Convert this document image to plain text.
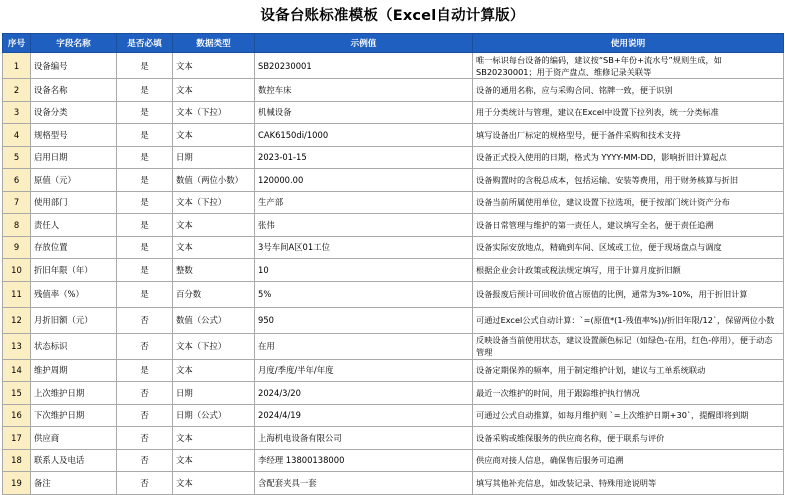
设备台账标准模板（Excel自动计算版）
序号	字段名称	是否必填	数据类型	示例值	使用说明
1	设备编号	是	文本	SB20230001	唯一标识每台设备的编码，建议按“SB+年份+流水号”规则生成，如SB20230001；用于资产盘点、维修记录关联等

2	设备名称	是	文本	数控车床	设备的通用名称，应与采购合同、铭牌一致，便于识别

3	设备分类	是	文本（下拉）	机械设备	用于分类统计与管理，建议在Excel中设置下拉列表，统一分类标准

4	规格型号	是	文本	CAK6150di/1000	填写设备出厂标定的规格型号，便于备件采购和技术支持

5	启用日期	是	日期	2023-01-15	设备正式投入使用的日期，格式为 YYYY-MM-DD，影响折旧计算起点

6	原值（元）	是	数值（两位小数）	120000.00	设备购置时的含税总成本，包括运输、安装等费用，用于财务核算与折旧

7	使用部门	是	文本（下拉）	生产部	设备当前所属使用单位，建议设置下拉选项，便于按部门统计资产分布

8	责任人	是	文本	张伟	设备日常管理与维护的第一责任人，建议填写全名，便于责任追溯

9	存放位置	是	文本	3号车间A区01工位	设备实际安放地点，精确到车间、区域或工位，便于现场盘点与调度

10	折旧年限（年）	是	整数	10	根据企业会计政策或税法规定填写，用于计算月度折旧额

11	残值率（%）	是	百分数	5%	设备报废后预计可回收价值占原值的比例，通常为3%-10%，用于折旧计算

12	月折旧额（元）	否	数值（公式）	950	可通过Excel公式自动计算：`=(原值*(1-残值率%))/折旧年限/12`，保留两位小数

13	状态标识	否	文本（下拉）	在用	反映设备当前使用状态，建议设置颜色标记（如绿色-在用，红色-停用），便于动态管理

14	维护周期	是	文本	月度/季度/半年/年度	设备定期保养的频率，用于制定维护计划，建议与工单系统联动

15	上次维护日期	否	日期	2024/3/20	最近一次维护的时间，用于跟踪维护执行情况

16	下次维护日期	否	日期（公式）	2024/4/19	可通过公式自动推算，如每月维护则 `=上次维护日期+30`，提醒即将到期

17	供应商	否	文本	上海机电设备有限公司	设备采购或维保服务的供应商名称，便于联系与评价

18	联系人及电话	否	文本	李经理 13800138000	供应商对接人信息，确保售后服务可追溯

19	备注	否	文本	含配套夹具一套	填写其他补充信息，如改装记录、特殊用途说明等
